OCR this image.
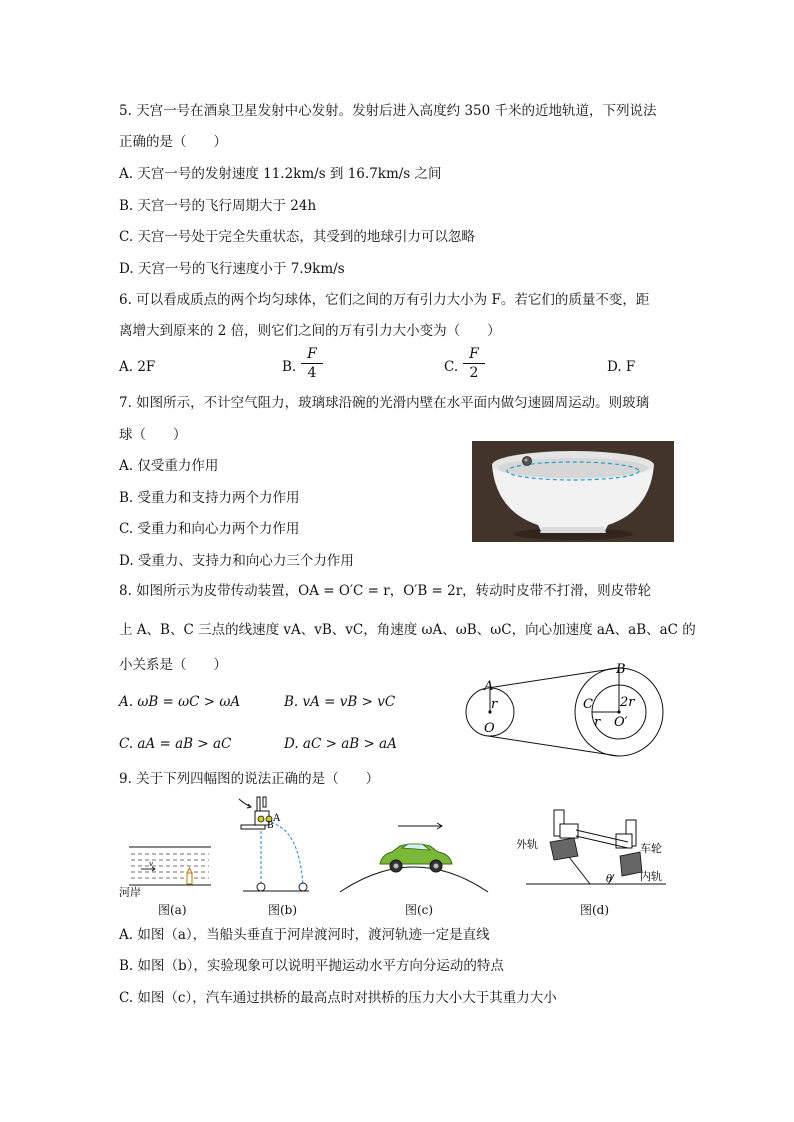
5. 天宫一号在酒泉卫星发射中心发射。发射后进入高度约 350 千米的近地轨道，下列说法
正确的是（　　）
A. 天宫一号的发射速度 11.2km/s 到 16.7km/s 之间
B. 天宫一号的飞行周期大于 24h
C. 天宫一号处于完全失重状态，其受到的地球引力可以忽略
D. 天宫一号的飞行速度小于 7.9km/s
6. 可以看成质点的两个均匀球体，它们之间的万有引力大小为 F。若它们的质量不变，距
离增大到原来的 2 倍，则它们之间的万有引力大小变为（　　）
A. 2F	B.
F
4	C.
F
2	D. F
7. 如图所示，不计空气阻力，玻璃球沿碗的光滑内壁在水平面内做匀速圆周运动。则玻璃
球（　　）
A. 仅受重力作用
B. 受重力和支持力两个力作用
C. 受重力和向心力两个力作用
D. 受重力、支持力和向心力三个力作用
8. 如图所示为皮带传动装置，OA = O′C = r，O′B = 2r，转动时皮带不打滑，则皮带轮
上 A、B、C 三点的线速度 vA、vB、vC，角速度 ωA、ωB、ωC，向心加速度 aA、aB、aC 的
小关系是（　　）
A. ωB = ωC > ωA	B. vA = vB > vC
C. aA = aB > aC	D. aC > aB > aA
A
r
O
B
2r
C
r O′
9. 关于下列四幅图的说法正确的是（　　）
v
河岸
图(a)
B
A
图(b)	图(c)
外轨	车轮
内轨
θ
图(d)
A. 如图（a），当船头垂直于河岸渡河时，渡河轨迹一定是直线
B. 如图（b），实验现象可以说明平抛运动水平方向分运动的特点
C. 如图（c），汽车通过拱桥的最高点时对拱桥的压力大小大于其重力大小
